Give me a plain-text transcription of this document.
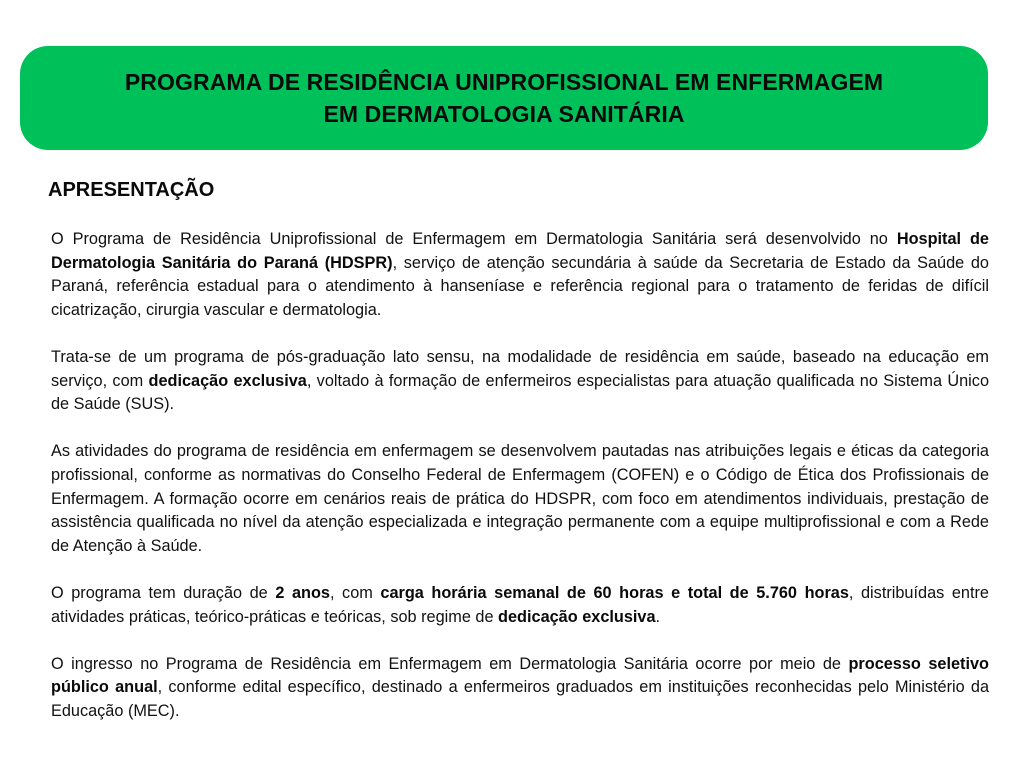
PROGRAMA DE RESIDÊNCIA UNIPROFISSIONAL EM ENFERMAGEM
EM DERMATOLOGIA SANITÁRIA
APRESENTAÇÃO

O Programa de Residência Uniprofissional de Enfermagem em Dermatologia Sanitária será desenvolvido no Hospital de Dermatologia Sanitária do Paraná (HDSPR), serviço de atenção secundária à saúde da Secretaria de Estado da Saúde do Paraná, referência estadual para o atendimento à hanseníase e referência regional para o tratamento de feridas de difícil cicatrização, cirurgia vascular e dermatologia.

Trata-se de um programa de pós-graduação lato sensu, na modalidade de residência em saúde, baseado na educação em serviço, com dedicação exclusiva, voltado à formação de enfermeiros especialistas para atuação qualificada no Sistema Único de Saúde (SUS).

As atividades do programa de residência em enfermagem se desenvolvem pautadas nas atribuições legais e éticas da categoria profissional, conforme as normativas do Conselho Federal de Enfermagem (COFEN) e o Código de Ética dos Profissionais de Enfermagem. A formação ocorre em cenários reais de prática do HDSPR, com foco em atendimentos individuais, prestação de assistência qualificada no nível da atenção especializada e integração permanente com a equipe multiprofissional e com a Rede de Atenção à Saúde.

O programa tem duração de 2 anos, com carga horária semanal de 60 horas e total de 5.760 horas, distribuídas entre atividades práticas, teórico-práticas e teóricas, sob regime de dedicação exclusiva.

O ingresso no Programa de Residência em Enfermagem em Dermatologia Sanitária ocorre por meio de processo seletivo público anual, conforme edital específico, destinado a enfermeiros graduados em instituições reconhecidas pelo Ministério da Educação (MEC).
